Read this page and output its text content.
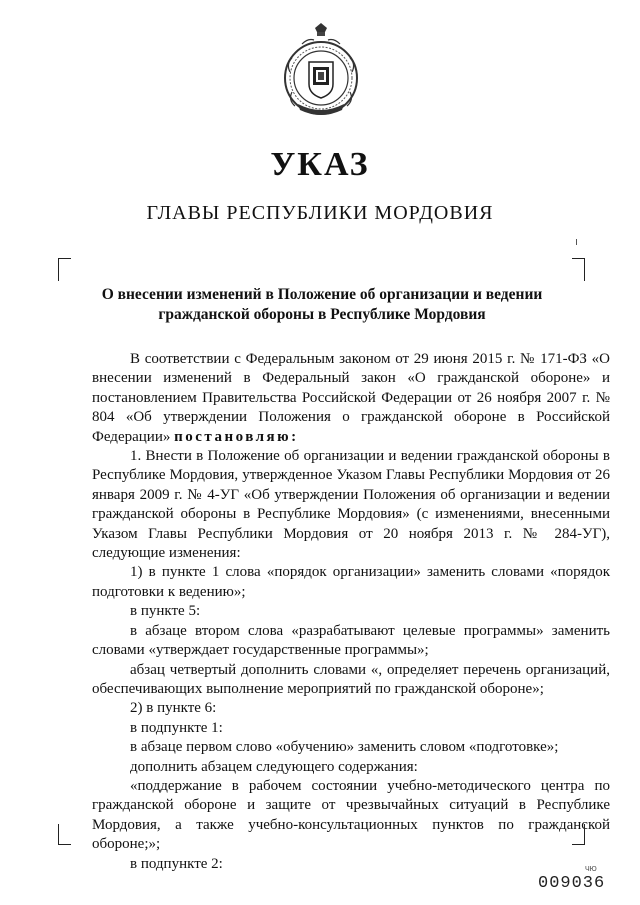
УКАЗ
ГЛАВЫ РЕСПУБЛИКИ МОРДОВИЯ
О внесении изменений в Положение об организации и ведении
гражданской обороны в Республике Мордовия

В соответствии с Федеральным законом от 29 июня 2015 г. № 171-ФЗ «О внесении изменений в Федеральный закон «О гражданской обороне» и постановлением Правительства Российской Федерации от 26 ноября 2007 г. № 804 «Об утверждении Положения о гражданской обороне в Российской Федерации» постановляю:

1. Внести в Положение об организации и ведении гражданской обороны в Республике Мордовия, утвержденное Указом Главы Республики Мордовия от 26 января 2009 г. № 4-УГ «Об утверждении Положения об организации и ведении гражданской обороны в Республике Мордовия» (с изменениями, внесенными Указом Главы Республики Мордовия от 20 ноября 2013 г. № 284-УГ), следующие изменения:

1) в пункте 1 слова «порядок организации» заменить словами «порядок подготовки к ведению»;

в пункте 5:

в абзаце втором слова «разрабатывают целевые программы» заменить словами «утверждает государственные программы»;

абзац четвертый дополнить словами «, определяет перечень организаций, обеспечивающих выполнение мероприятий по гражданской обороне»;

2) в пункте 6:

в подпункте 1:

в абзаце первом слово «обучению» заменить словом «подготовке»;

дополнить абзацем следующего содержания:

«поддержание в рабочем состоянии учебно-методического центра по гражданской обороне и защите от чрезвычайных ситуаций в Республике Мордовия, а также учебно-консультационных пунктов по гражданской обороне;»;

в подпункте 2:	ЧЮ
009036
